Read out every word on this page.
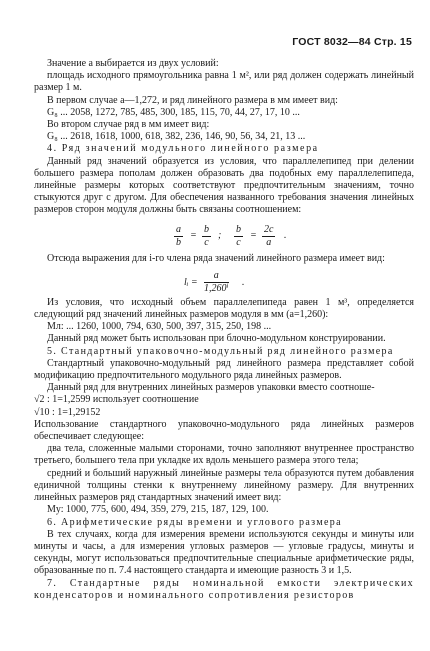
ГОСТ 8032—84 Стр. 15

Значение a выбирается из двух условий:

площадь исходного прямоугольника равна 1 м², или ряд должен содержать линейный размер 1 м.

В первом случае a—1,272, и ряд линейного размера в мм имеет вид:

G₈ ... 2058, 1272, 785, 485, 300, 185, 115, 70, 44, 27, 17, 10 ...

Во втором случае ряд в мм имеет вид:

G₈ ... 2618, 1618, 1000, 618, 382, 236, 146, 90, 56, 34, 21, 13 ...

4. Ряд значений модульного линейного размера

Данный ряд значений образуется из условия, что параллелепипед при делении большего размера пополам должен образовать два подобных ему параллелепипеда, линейные размеры которых соответствуют предпочтительным значениям, точно стыкуются друг с другом. Для обеспечения названного требования значения линейных размеров сторон модуля должны быть связаны соотношением:

a
b
=
b
c
;
b
c
=
2c
a
.

Отсюда выражения для i-го члена ряда значений линейного размера имеет вид:

lᵢ =
a
1,260ⁱ
.

Из условия, что исходный объем параллелепипеда равен 1 м³, определяется следующий ряд значений линейных размеров модуля в мм (a=1,260):

Mл: ... 1260, 1000, 794, 630, 500, 397, 315, 250, 198 ...

Данный ряд может быть использован при блочно-модульном конструировании.

5. Стандартный упаковочно-модульный ряд линейного размера

Стандартный упаковочно-модульный ряд линейного размера представляет собой модификацию предпочтительного модульного ряда линейных размеров.

Данный ряд для внутренних линейных размеров упаковки вместо соотноше-

√2 : 1=1,2599 использует соотношение

√10 : 1=1,29152

Использование стандартного упаковочно-модульного ряда линейных размеров обеспечивает следующее:

два тела, сложенные малыми сторонами, точно заполняют внутреннее пространство третьего, большего тела при укладке их вдоль меньшего размера этого тела;

средний и больший наружный линейные размеры тела образуются путем добавления единичной толщины стенки к внутреннему линейному размеру. Для внутренних линейных размеров ряд стандартных значений имеет вид:

Mу: 1000, 775, 600, 494, 359, 279, 215, 187, 129, 100.

6. Арифметические ряды времени и углового размера

В тех случаях, когда для измерения времени используются секунды и минуты или минуты и часы, а для измерения угловых размеров — угловые градусы, минуты и секунды, могут использоваться предпочтительные специальные арифметические ряды, образованные по п. 7.4 настоящего стандарта и имеющие разность 3 и 1,5.

7. Стандартные ряды номинальной емкости электрических конденсаторов и номинального сопротивления резисторов
